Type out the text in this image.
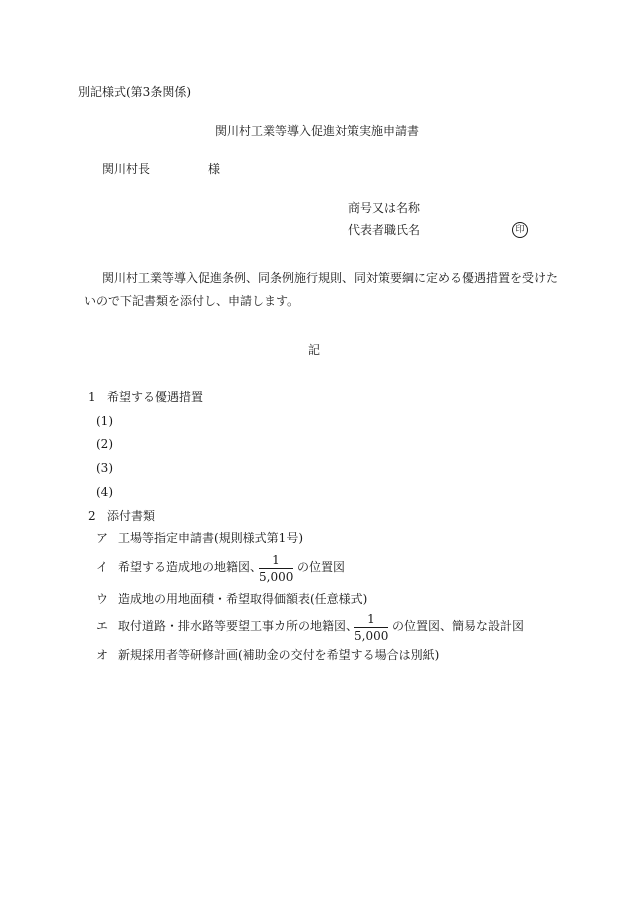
別記様式(第3条関係)
関川村工業等導入促進対策実施申請書
関川村長	様
商号又は名称
代表者職氏名	印
関川村工業等導入促進条例、同条例施行規則、同対策要綱に定める優遇措置を受けた
いので下記書類を添付し、申請します。
記
1 希望する優遇措置
(1)
(2)
(3)
(4)
2 添付書類
ア 工場等指定申請書(規則様式第1号)
イ 希望する造成地の地籍図、 1
5,000
の位置図
ウ 造成地の用地面積・希望取得価額表(任意様式)
エ 取付道路・排水路等要望工事カ所の地籍図、 1
5,000
の位置図、簡易な設計図
オ 新規採用者等研修計画(補助金の交付を希望する場合は別紙)
